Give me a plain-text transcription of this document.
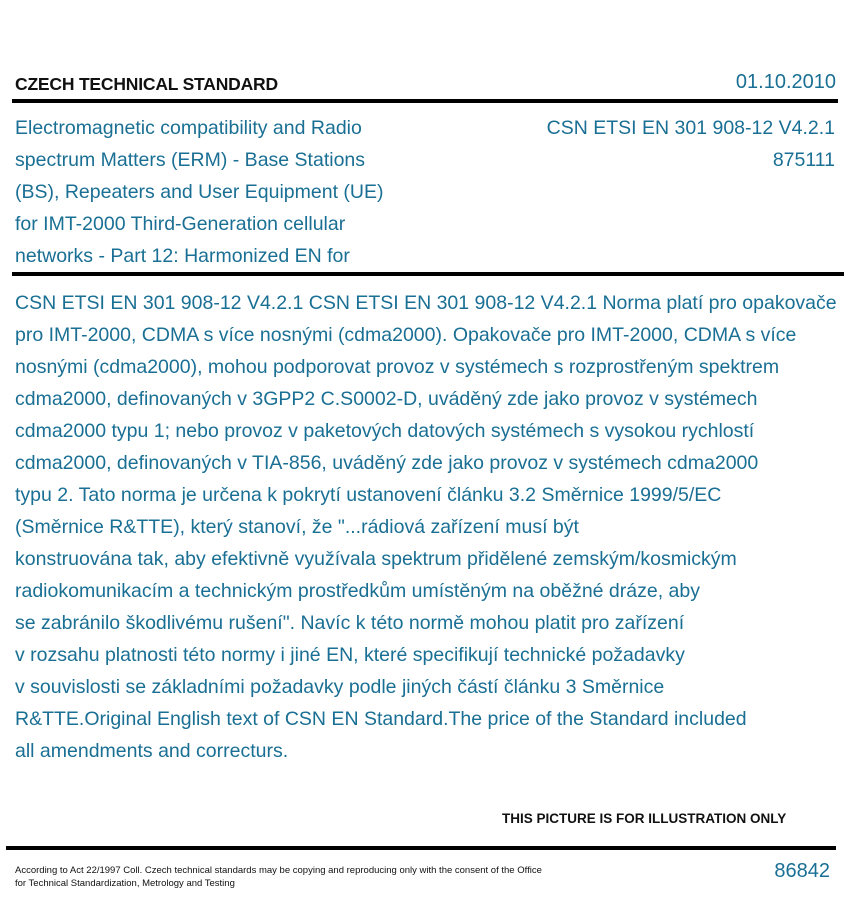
CZECH TECHNICAL STANDARD	01.10.2010
Electromagnetic compatibility and Radio
spectrum Matters (ERM) - Base Stations
(BS), Repeaters and User Equipment (UE)
for IMT-2000 Third-Generation cellular
networks - Part 12: Harmonized EN for
CSN ETSI EN 301 908-12 V4.2.1
875111
CSN ETSI EN 301 908-12 V4.2.1 CSN ETSI EN 301 908-12 V4.2.1 Norma platí pro opakovače
pro IMT-2000, CDMA s více nosnými (cdma2000). Opakovače pro IMT-2000, CDMA s více
nosnými (cdma2000), mohou podporovat provoz v systémech s rozprostřeným spektrem
cdma2000, definovaných v 3GPP2 C.S0002-D, uváděný zde jako provoz v systémech
cdma2000 typu 1; nebo provoz v paketových datových systémech s vysokou rychlostí
cdma2000, definovaných v TIA-856, uváděný zde jako provoz v systémech cdma2000
typu 2. Tato norma je určena k pokrytí ustanovení článku 3.2 Směrnice 1999/5/EC
(Směrnice R&TTE), který stanoví, že "...rádiová zařízení musí být
konstruována tak, aby efektivně využívala spektrum přidělené zemským/kosmickým
radiokomunikacím a technickým prostředkům umístěným na oběžné dráze, aby
se zabránilo škodlivému rušení". Navíc k této normě mohou platit pro zařízení
v rozsahu platnosti této normy i jiné EN, které specifikují technické požadavky
v souvislosti se základními požadavky podle jiných částí článku 3 Směrnice
R&TTE.Original English text of CSN EN Standard.The price of the Standard included
all amendments and correcturs.
THIS PICTURE IS FOR ILLUSTRATION ONLY
According to Act 22/1997 Coll. Czech technical standards may be copying and reproducing only with the consent of the Office
for Technical Standardization, Metrology and Testing
86842
